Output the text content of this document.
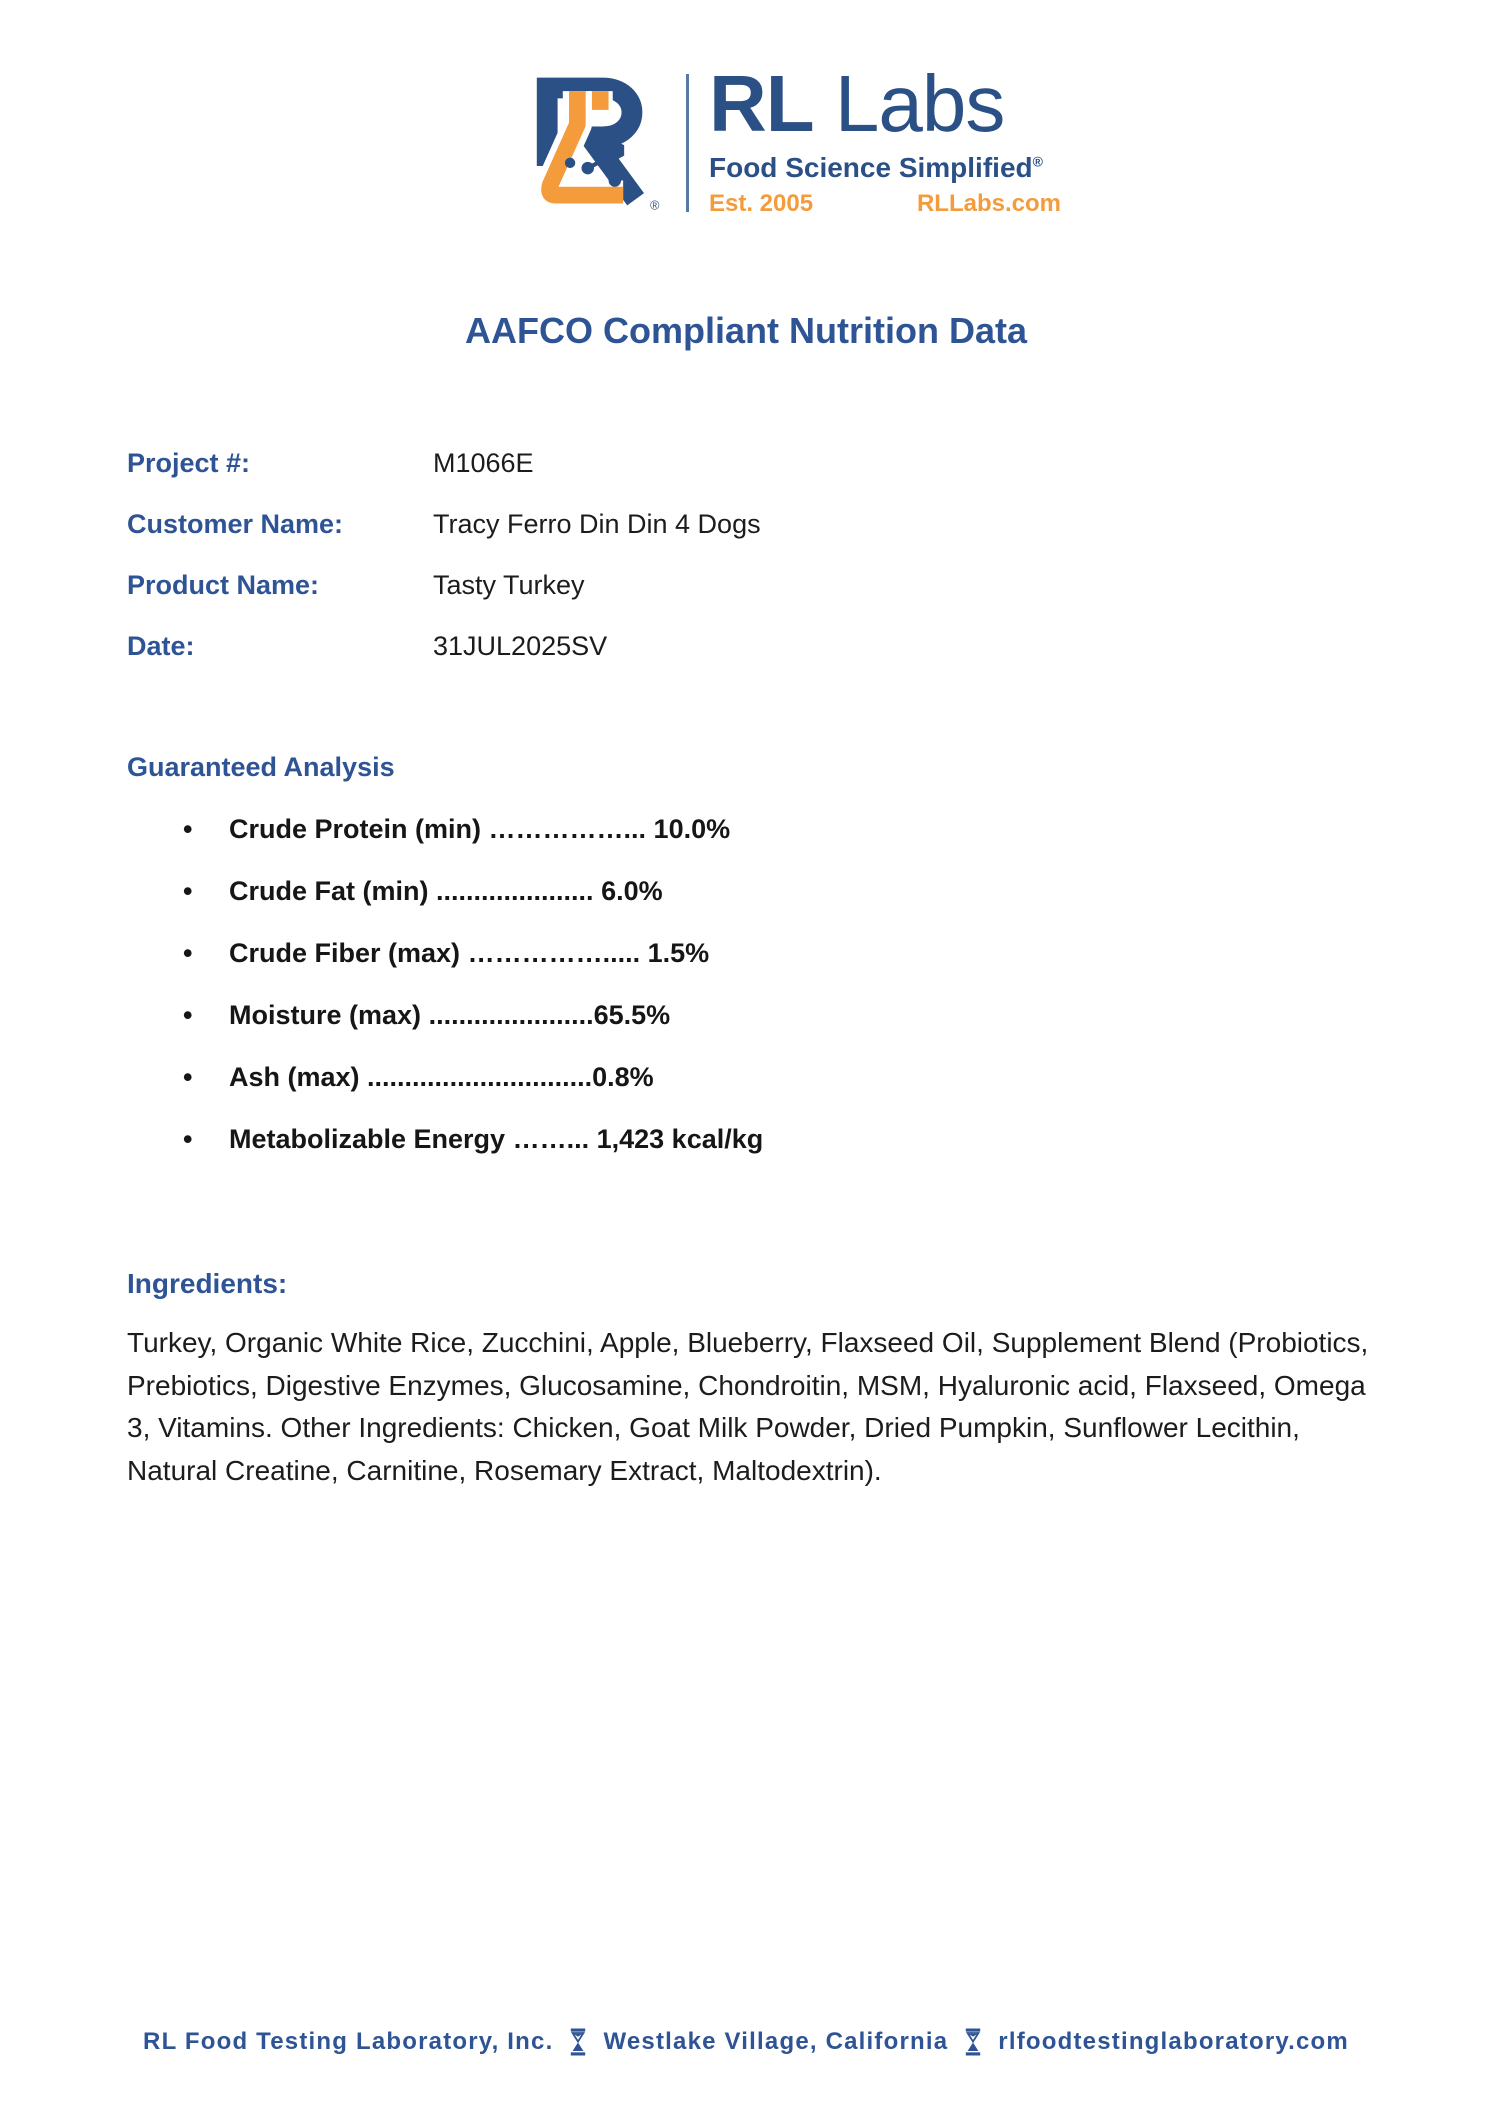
®
RL Labs
Food Science Simplified®
Est. 2005	RLLabs.com
AAFCO Compliant Nutrition Data
Project #:	M1066E
Customer Name:	Tracy Ferro Din Din 4 Dogs
Product Name:	Tasty Turkey
Date:	31JUL2025SV
Guaranteed Analysis
•	Crude Protein (min) ……………... 10.0%
•	Crude Fat (min) ..................... 6.0%
•	Crude Fiber (max) ……………..... 1.5%
•	Moisture (max) ......................65.5%
•	Ash (max) ..............................0.8%
•	Metabolizable Energy ……... 1,423 kcal/kg
Ingredients:
Turkey, Organic White Rice, Zucchini, Apple, Blueberry, Flaxseed Oil, Supplement Blend (Probiotics, Prebiotics, Digestive Enzymes, Glucosamine, Chondroitin, MSM, Hyaluronic acid, Flaxseed, Omega 3, Vitamins. Other Ingredients: Chicken, Goat Milk Powder, Dried Pumpkin, Sunflower Lecithin, Natural Creatine, Carnitine, Rosemary Extract, Maltodextrin).
RL Food Testing Laboratory, Inc. Westlake Village, California rlfoodtestinglaboratory.com
